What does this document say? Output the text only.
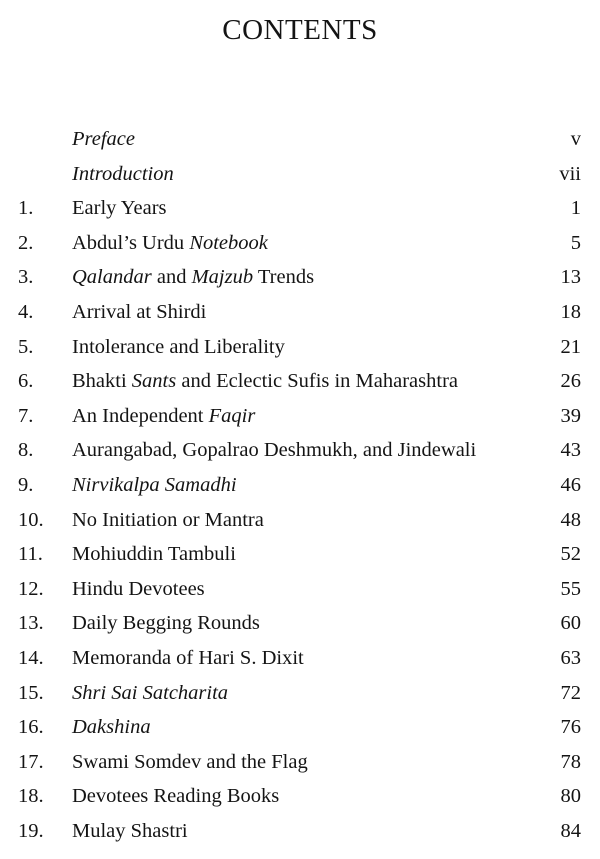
CONTENTS
Preface	v
Introduction	vii
1. Early Years	1
2. Abdul’s Urdu Notebook	5
3. Qalandar and Majzub Trends	13
4. Arrival at Shirdi	18
5. Intolerance and Liberality	21
6. Bhakti Sants and Eclectic Sufis in Maharashtra	26
7. An Independent Faqir	39
8. Aurangabad, Gopalrao Deshmukh, and Jindewali	43
9. Nirvikalpa Samadhi	46
10. No Initiation or Mantra	48
11. Mohiuddin Tambuli	52
12. Hindu Devotees	55
13. Daily Begging Rounds	60
14. Memoranda of Hari S. Dixit	63
15. Shri Sai Satcharita	72
16. Dakshina	76
17. Swami Somdev and the Flag	78
18. Devotees Reading Books	80
19. Mulay Shastri	84
